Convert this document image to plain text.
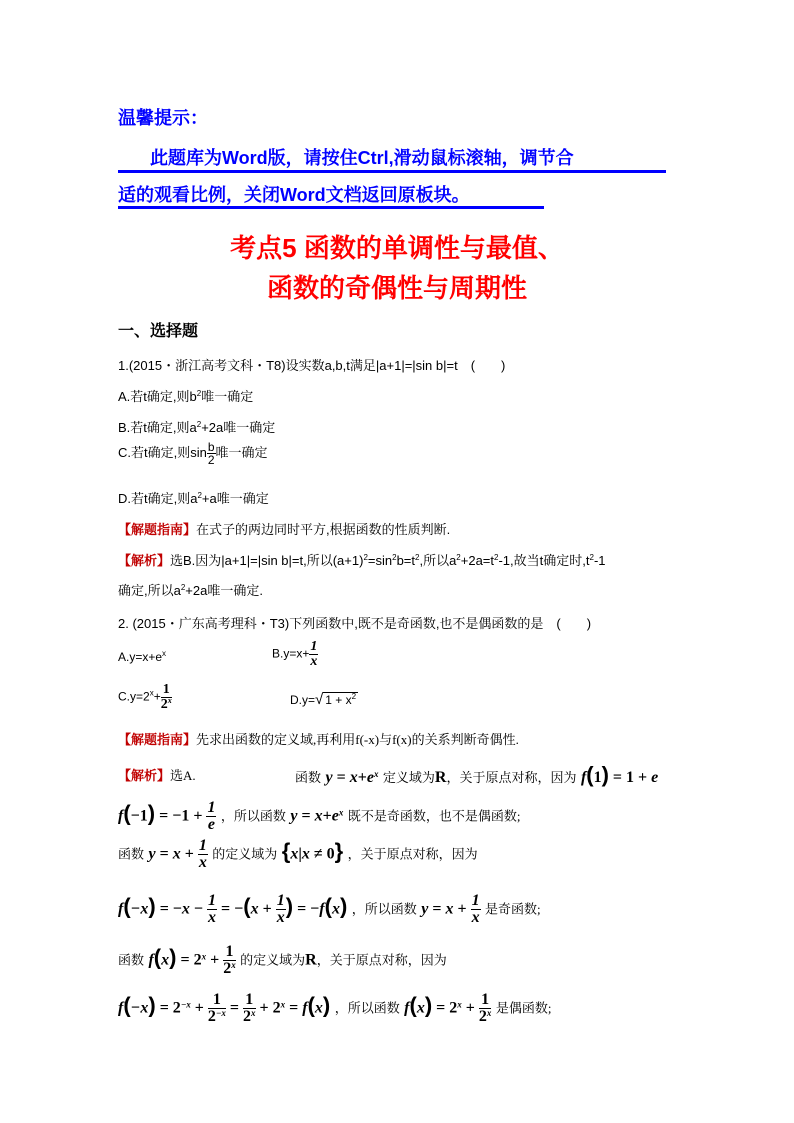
温馨提示：
此题库为Word版，请按住Ctrl,滑动鼠标滚轴，调节合
适的观看比例，关闭Word文档返回原板块。
考点5 函数的单调性与最值、
函数的奇偶性与周期性
一、选择题
1.(2015・浙江高考文科・T8)设实数a,b,t满足|a+1|=|sin b|=t　(　　)
A.若t确定,则$b^2$唯一确定
B.若t确定,则$a^2+2a$唯一确定
C.若t确定,则$\sin \frac{b}{2}$ 唯一确定
D.若t确定,则$a^2+a$唯一确定
【解题指南】在式子的两边同时平方,根据函数的性质判断.
【解析】选B.因为|a+1|=|sin b|=t,所以$(a+1)^2=\sin^2b=t^2$,所以$a^2+2a=t^2-1$,故当t确定时$,t^2-1$
确定,所以$a^2+2a$唯一确定.
2. (2015・广东高考理科・T3)下列函数中,既不是奇函数,也不是偶函数的是　(　　)
$A.y=x+e^x$	$B.y=x+ \frac{1}{x}$
$C.y=2^x+ \frac{1}{2^x}$	D.y=√ $1 + x^2$
【解题指南】先求出函数的定义域,再利用f(-x)与f(x)的关系判断奇偶性.
【解析】选A.	函数 $y = x+e^x$ 定义域为R，关于原点对称，因为 f(1) = 1 + e
$f(-1) = -1 + \frac{1}{e}$ ，所以函数 $y = x+e^x$ 既不是奇函数，也不是偶函数;
函数 $y = x + \frac{1}{x}$ 的定义域为 {x|x ≠ 0} ，关于原点对称，因为
$f(-x) = -x - \frac{1}{x} = -(x + \frac{1}{x}$ ) = −f(x) ，所以函数 $y = x + \frac{1}{x}$ 是奇函数;
函数 $f(x) = 2^x + \frac{1}{2^x}$ 的定义域为R，关于原点对称，因为
$f(-x) = 2^{-x} + \frac{1}{2^{-x}} = \frac{1}{2^x} + 2^x = f(x)$ ，所以函数 $f(x) = 2^x + \frac{1}{2^x}$ 是偶函数;
